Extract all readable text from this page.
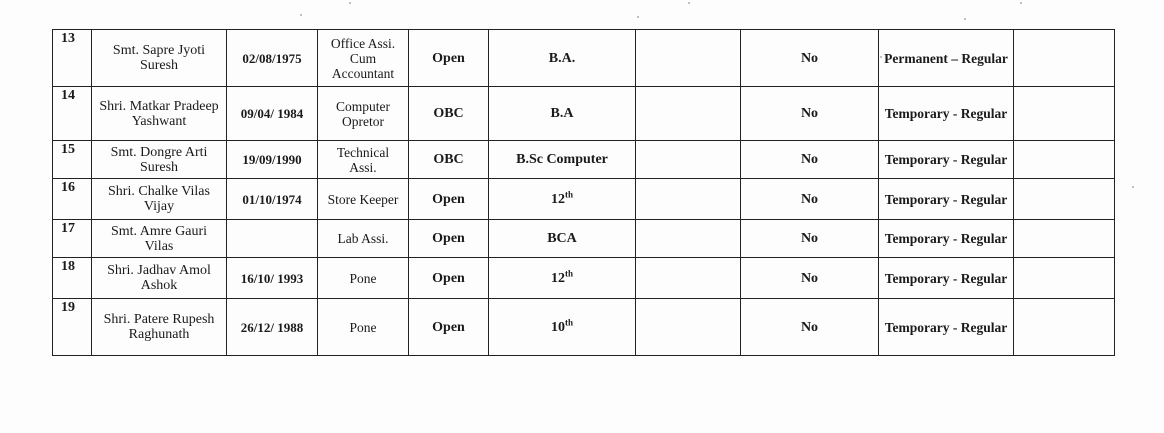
13	Smt. Sapre Jyoti Suresh	02/08/1975	Office Assi. Cum Accountant	Open	B.A.		No	Permanent – Regular	
14	Shri. Matkar Pradeep Yashwant	09/04/ 1984	Computer Opretor	OBC	B.A		No	Temporary - Regular	
15	Smt. Dongre Arti Suresh	19/09/1990	Technical Assi.	OBC	B.Sc Computer		No	Temporary - Regular	
16	Shri. Chalke Vilas Vijay	01/10/1974	Store Keeper	Open	12th		No	Temporary - Regular	
17	Smt. Amre Gauri Vilas		Lab Assi.	Open	BCA		No	Temporary - Regular	
18	Shri. Jadhav Amol Ashok	16/10/ 1993	Pone	Open	12th		No	Temporary - Regular	
19	Shri. Patere Rupesh Raghunath	26/12/ 1988	Pone	Open	10th		No	Temporary - Regular	
